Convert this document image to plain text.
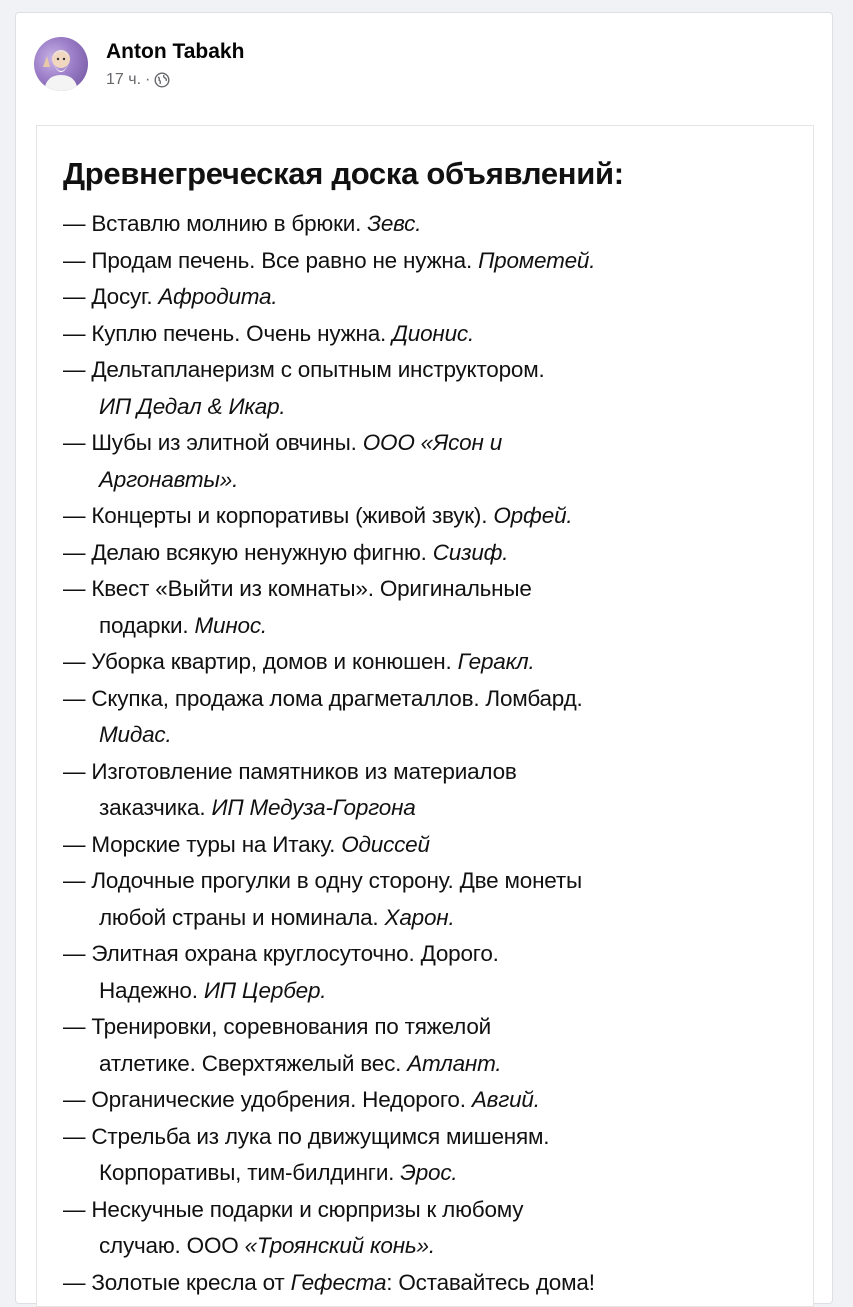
Anton Tabakh
17 ч. ·
Древнегреческая доска объявлений:
— Вставлю молнию в брюки. Зевс.
— Продам печень. Все равно не нужна. Прометей.
— Досуг. Афродита.
— Куплю печень. Очень нужна. Дионис.
— Дельтапланеризм с опытным инструктором.
ИП Дедал & Икар.
— Шубы из элитной овчины. ООО «Ясон и
Аргонавты».
— Концерты и корпоративы (живой звук). Орфей.
— Делаю всякую ненужную фигню. Сизиф.
— Квест «Выйти из комнаты». Оригинальные
подарки. Минос.
— Уборка квартир, домов и конюшен. Геракл.
— Скупка, продажа лома драгметаллов. Ломбард.
Мидас.
— Изготовление памятников из материалов
заказчика. ИП Медуза-Горгона
— Морские туры на Итаку. Одиссей
— Лодочные прогулки в одну сторону. Две монеты
любой страны и номинала. Харон.
— Элитная охрана круглосуточно. Дорого.
Надежно. ИП Цербер.
— Тренировки, соревнования по тяжелой
атлетике. Сверхтяжелый вес. Атлант.
— Органические удобрения. Недорого. Авгий.
— Стрельба из лука по движущимся мишеням.
Корпоративы, тим-билдинги. Эрос.
— Нескучные подарки и сюрпризы к любому
случаю. ООО «Троянский конь».
— Золотые кресла от Гефеста: Оставайтесь дома!
